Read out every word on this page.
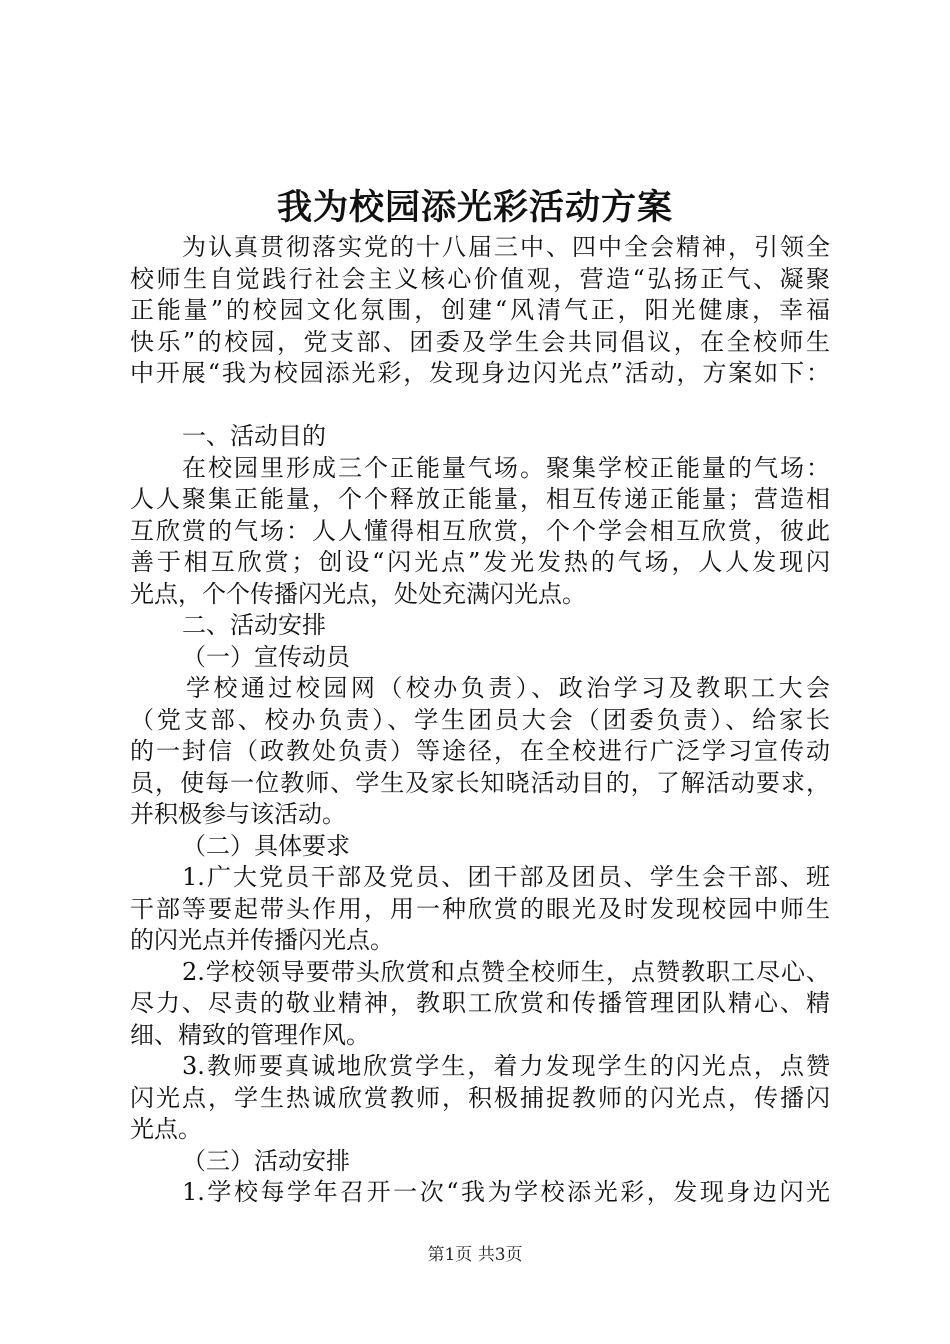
我为校园添光彩活动方案
为认真贯彻落实党的十八届三中、四中全会精神，引领全
校师生自觉践行社会主义核心价值观，营造“弘扬正气、凝聚
正能量”的校园文化氛围，创建“风清气正，阳光健康，幸福
快乐”的校园，党支部、团委及学生会共同倡议，在全校师生
中开展“我为校园添光彩，发现身边闪光点”活动，方案如下：
一、活动目的
在校园里形成三个正能量气场。聚集学校正能量的气场：
人人聚集正能量，个个释放正能量，相互传递正能量；营造相
互欣赏的气场：人人懂得相互欣赏，个个学会相互欣赏，彼此
善于相互欣赏；创设“闪光点”发光发热的气场，人人发现闪
光点，个个传播闪光点，处处充满闪光点。
二、活动安排
（一）宣传动员
学校通过校园网（校办负责）、政治学习及教职工大会
（党支部、校办负责）、学生团员大会（团委负责）、给家长
的一封信（政教处负责）等途径，在全校进行广泛学习宣传动
员，使每一位教师、学生及家长知晓活动目的，了解活动要求，
并积极参与该活动。
（二）具体要求
1.广大党员干部及党员、团干部及团员、学生会干部、班
干部等要起带头作用，用一种欣赏的眼光及时发现校园中师生
的闪光点并传播闪光点。
2.学校领导要带头欣赏和点赞全校师生，点赞教职工尽心、
尽力、尽责的敬业精神，教职工欣赏和传播管理团队精心、精
细、精致的管理作风。
3.教师要真诚地欣赏学生，着力发现学生的闪光点，点赞
闪光点，学生热诚欣赏教师，积极捕捉教师的闪光点，传播闪
光点。
（三）活动安排
1.学校每学年召开一次“我为学校添光彩，发现身边闪光
第1页 共3页
